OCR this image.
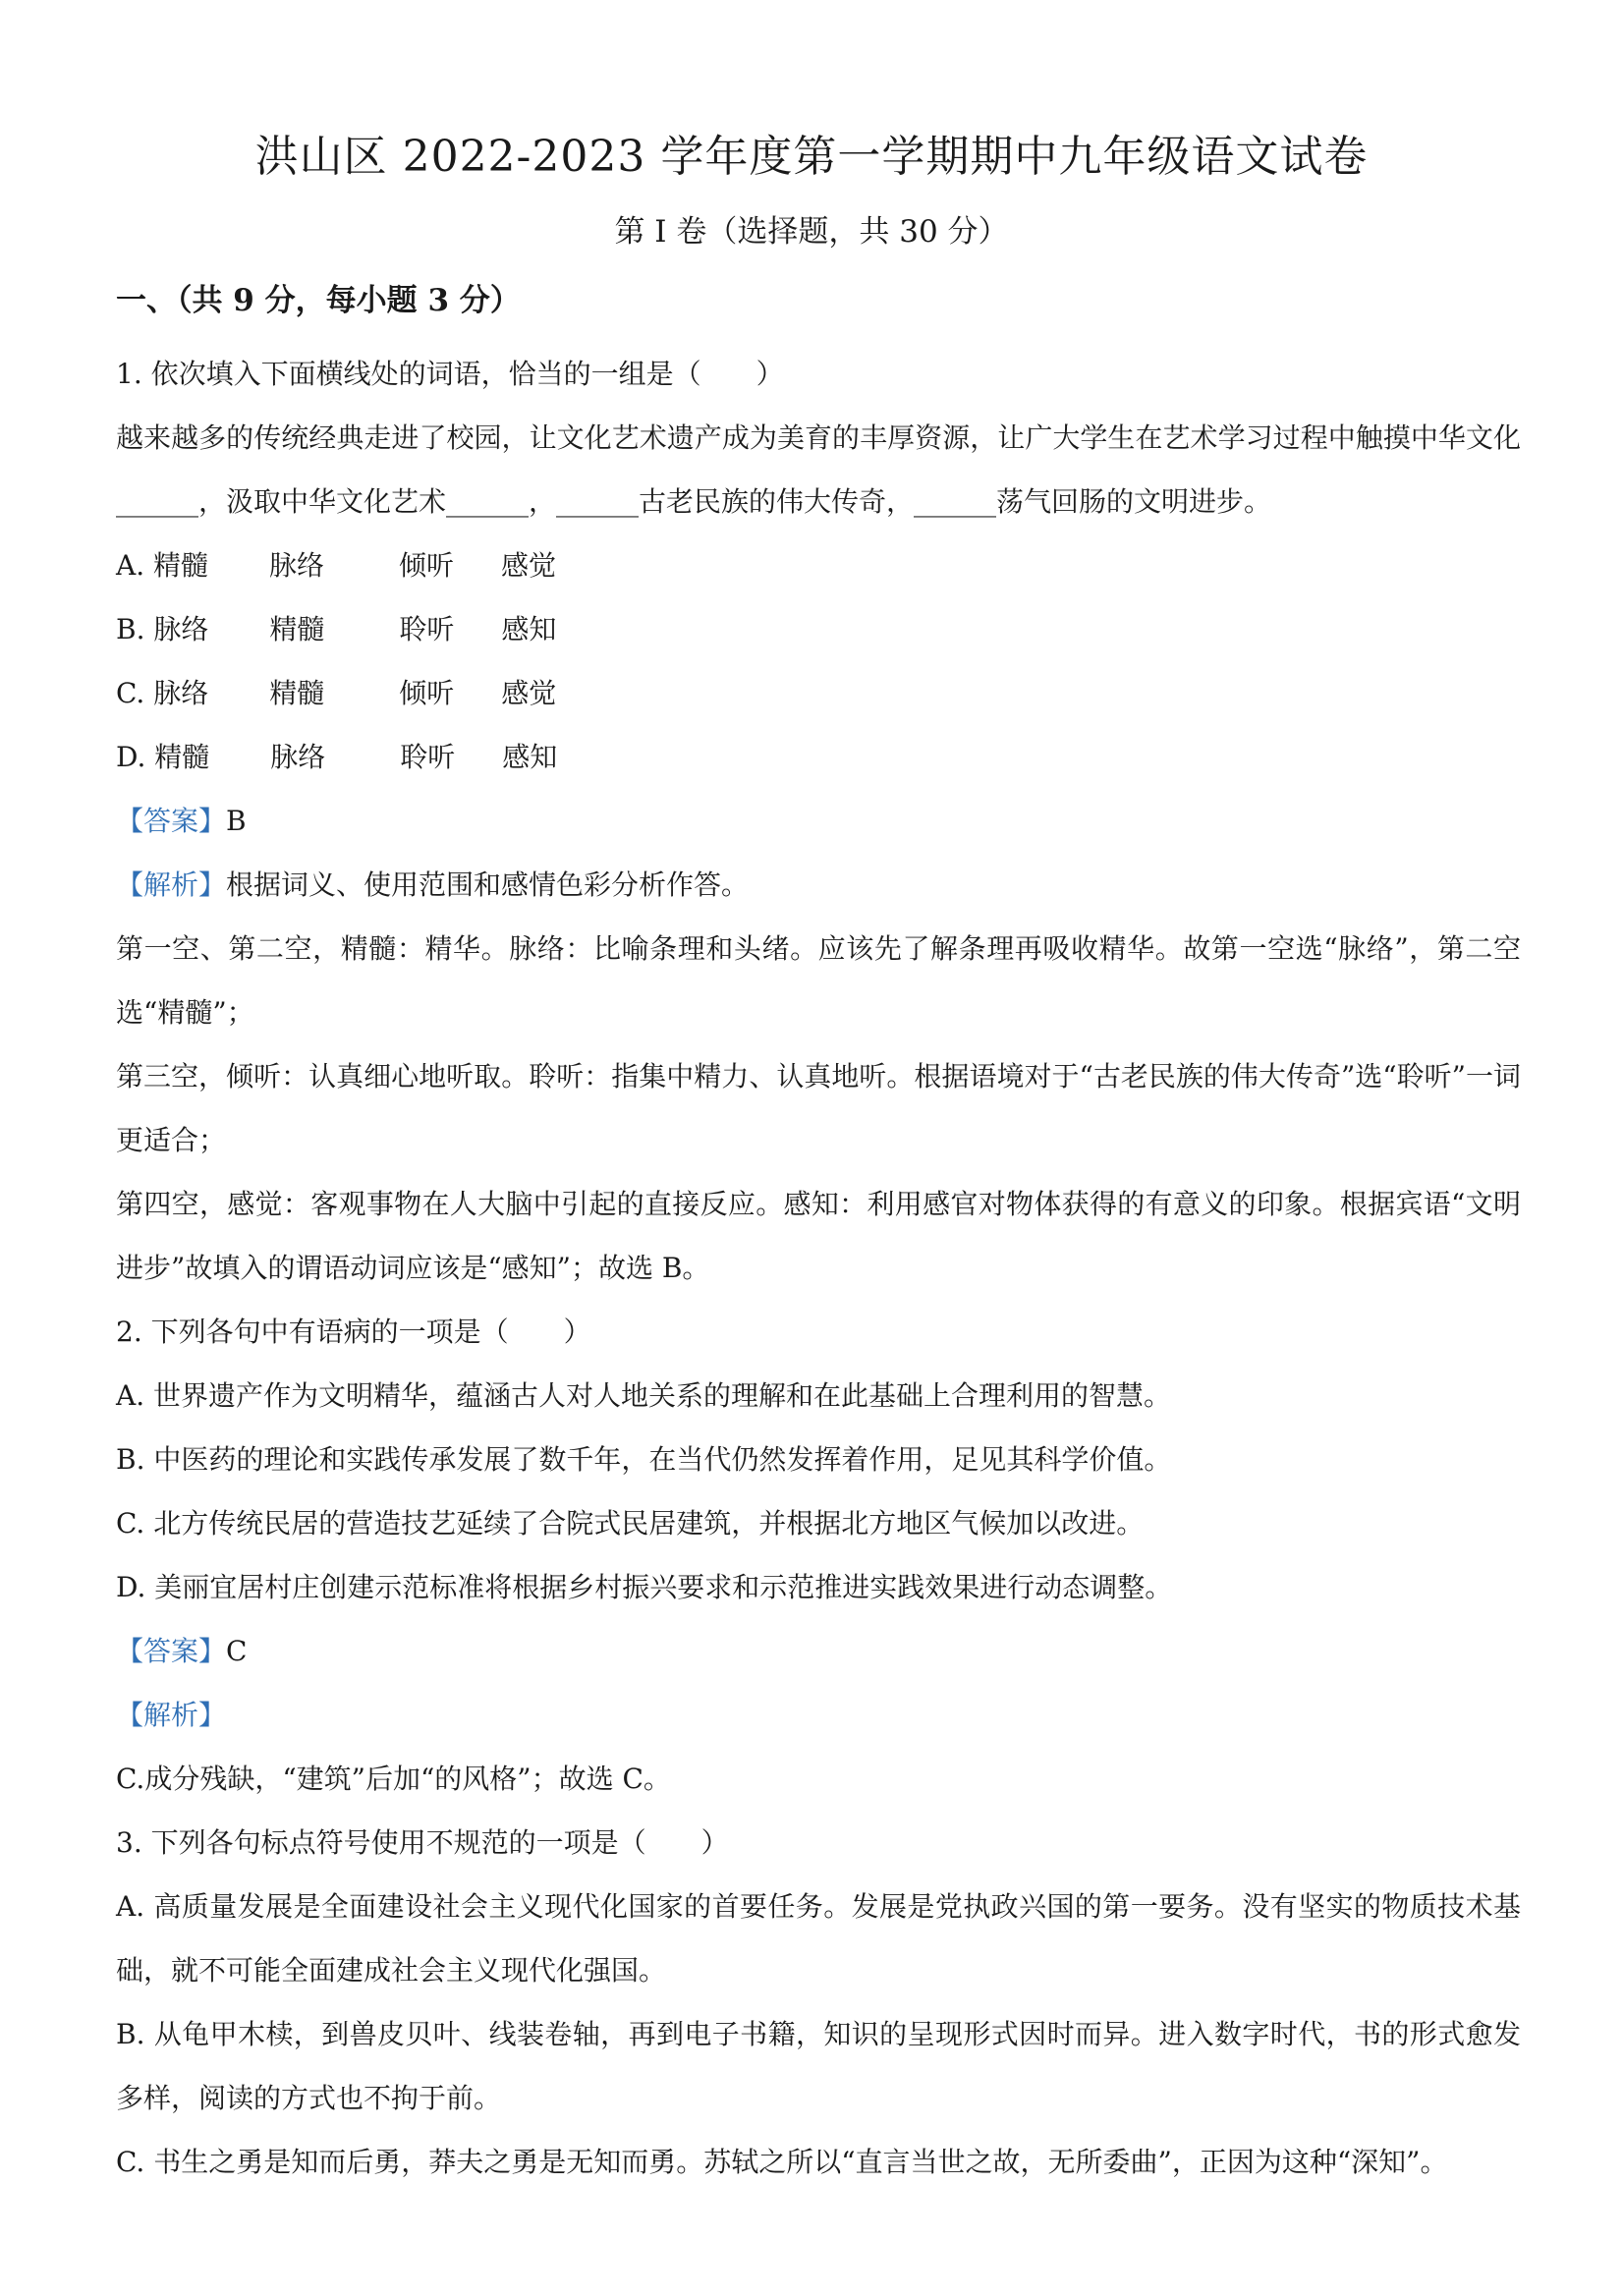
洪山区 2022-2023 学年度第一学期期中九年级语文试卷
第 I 卷（选择题，共 30 分）
一、（共 9 分，每小题 3 分）
1. 依次填入下面横线处的词语，恰当的一组是（　　）
越来越多的传统经典走进了校园，让文化艺术遗产成为美育的丰厚资源，让广大学生在艺术学习过程中触摸中华文化______，汲取中华文化艺术______，______古老民族的伟大传奇，______荡气回肠的文明进步。
A. 精髓 脉络	倾听 感觉
B. 脉络 精髓	聆听 感知
C. 脉络 精髓	倾听 感觉
D. 精髓 脉络	聆听 感知
【答案】B
【解析】根据词义、使用范围和感情色彩分析作答。
第一空、第二空，精髓：精华。脉络：比喻条理和头绪。应该先了解条理再吸收精华。故第一空选“脉络”，第二空选“精髓”；
第三空，倾听：认真细心地听取。聆听：指集中精力、认真地听。根据语境对于“古老民族的伟大传奇”选“聆听”一词更适合；
第四空，感觉：客观事物在人大脑中引起的直接反应。感知：利用感官对物体获得的有意义的印象。根据宾语“文明进步”故填入的谓语动词应该是“感知”；故选 B。
2. 下列各句中有语病的一项是（　　）
A. 世界遗产作为文明精华，蕴涵古人对人地关系的理解和在此基础上合理利用的智慧。
B. 中医药的理论和实践传承发展了数千年，在当代仍然发挥着作用，足见其科学价值。
C. 北方传统民居的营造技艺延续了合院式民居建筑，并根据北方地区气候加以改进。
D. 美丽宜居村庄创建示范标准将根据乡村振兴要求和示范推进实践效果进行动态调整。
【答案】C
【解析】
C.成分残缺，“建筑”后加“的风格”；故选 C。
3. 下列各句标点符号使用不规范的一项是（　　）
A. 高质量发展是全面建设社会主义现代化国家的首要任务。发展是党执政兴国的第一要务。没有坚实的物质技术基础，就不可能全面建成社会主义现代化强国。
B. 从龟甲木椟，到兽皮贝叶、线装卷轴，再到电子书籍，知识的呈现形式因时而异。进入数字时代，书的形式愈发多样，阅读的方式也不拘于前。
C. 书生之勇是知而后勇，莽夫之勇是无知而勇。苏轼之所以“直言当世之故，无所委曲”，正因为这种“深知”。
